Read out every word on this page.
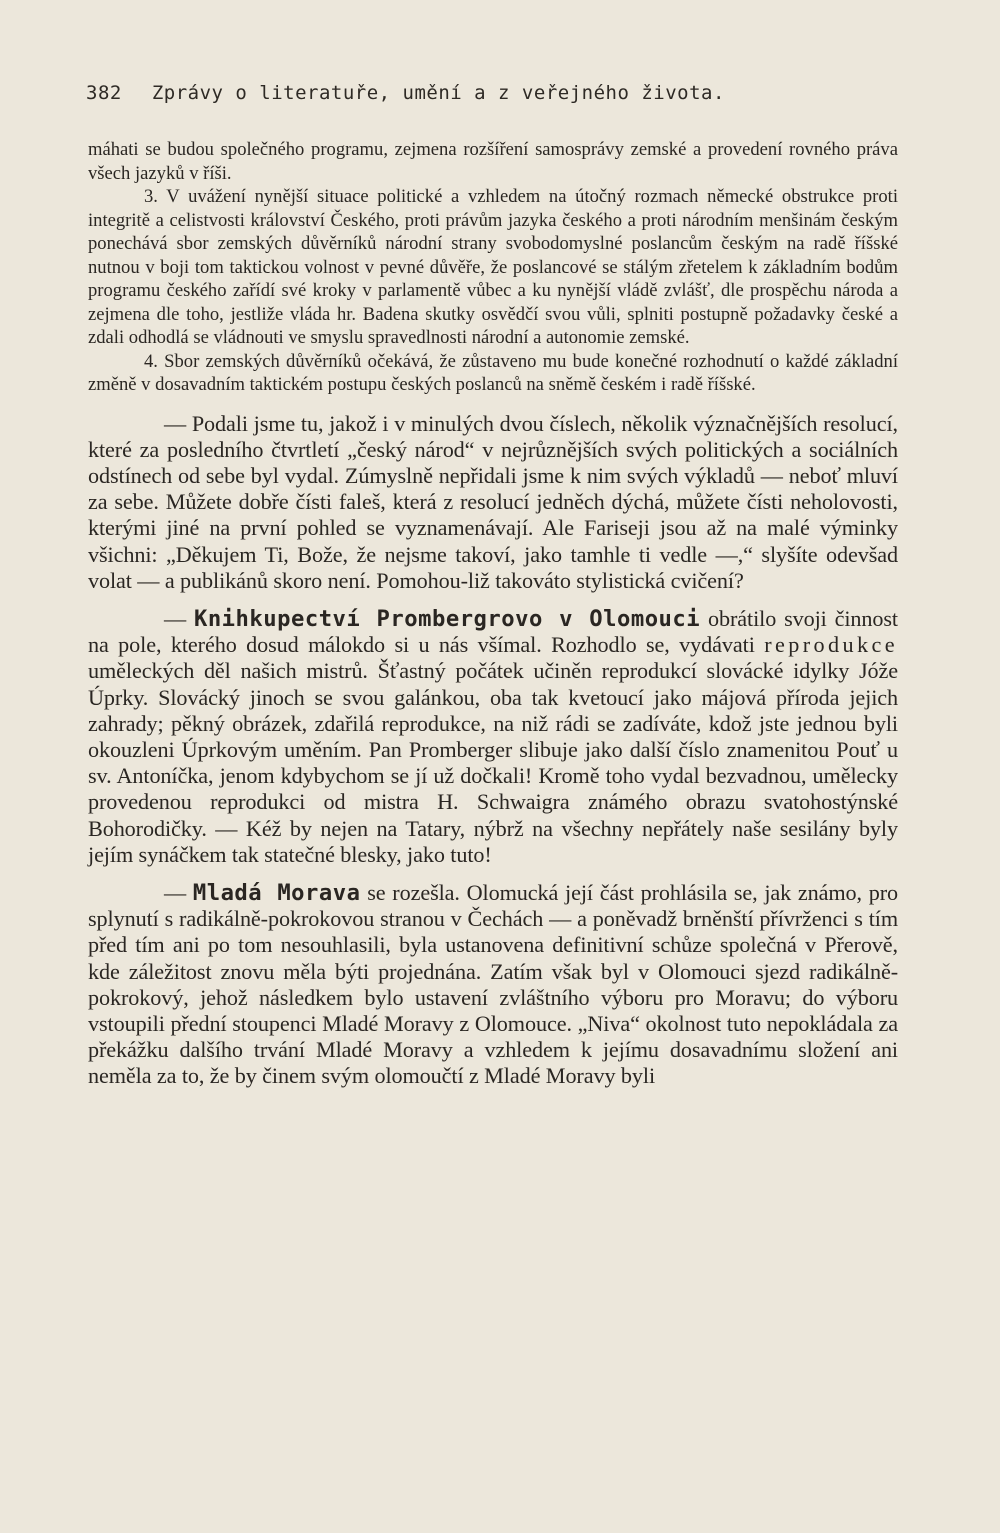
382 Zprávy o literatuře, umění a z veřejného života.

máhati se budou společného programu, zejmena rozšíření samosprávy zemské a provedení rovného práva všech jazyků v říši.

3. V uvážení nynější situace politické a vzhledem na útočný rozmach německé obstrukce proti integritě a celistvosti království Českého, proti právům jazyka českého a proti národním menšinám českým ponechává sbor zemských důvěrníků národní strany svobodomyslné poslancům českým na radě říšské nutnou v boji tom taktickou volnost v pevné důvěře, že poslancové se stálým zřetelem k základním bodům programu českého zařídí své kroky v parlamentě vůbec a ku nynější vládě zvlášť, dle prospěchu národa a zejmena dle toho, jestliže vláda hr. Badena skutky osvědčí svou vůli, splniti postupně požadavky české a zdali odhodlá se vládnouti ve smyslu spravedlnosti národní a autonomie zemské.

4. Sbor zemských důvěrníků očekává, že zůstaveno mu bude konečné rozhodnutí o každé základní změně v dosavadním taktickém postupu českých poslanců na sněmě českém i radě říšské.

— Podali jsme tu, jakož i v minulých dvou číslech, několik význačnějších resolucí, které za posledního čtvrtletí „český národ“ v nejrůznějších svých politických a sociálních odstínech od sebe byl vydal. Zúmyslně nepřidali jsme k nim svých výkladů — neboť mluví za sebe. Můžete dobře čísti faleš, která z resolucí jedněch dýchá, můžete čísti neholovosti, kterými jiné na první pohled se vyznamenávají. Ale Fariseji jsou až na malé výminky všichni: „Děkujem Ti, Bože, že nejsme takoví, jako tamhle ti vedle —,“ slyšíte odevšad volat — a publikánů skoro není. Pomohou-liž takováto stylistická cvičení?

— Knihkupectví Prombergrovo v Olomouci obrátilo svoji činnost na pole, kterého dosud málokdo si u nás všímal. Rozhodlo se, vydávati reprodukce uměleckých děl našich mistrů. Šťastný počátek učiněn reprodukcí slovácké idylky Jóže Úprky. Slovácký jinoch se svou galánkou, oba tak kvetoucí jako májová příroda jejich zahrady; pěkný obrázek, zdařilá reprodukce, na niž rádi se zadíváte, kdož jste jednou byli okouzleni Úprkovým uměním. Pan Promberger slibuje jako další číslo znamenitou Pouť u sv. Antoníčka, jenom kdybychom se jí už dočkali! Kromě toho vydal bezvadnou, umělecky provedenou reprodukci od mistra H. Schwaigra známého obrazu svatohostýnské Bohorodičky. — Kéž by nejen na Tatary, nýbrž na všechny nepřátely naše sesilány byly jejím synáčkem tak statečné blesky, jako tuto!

— Mladá Morava se rozešla. Olomucká její část prohlásila se, jak známo, pro splynutí s radikálně-pokrokovou stranou v Čechách — a poněvadž brněnští přívrženci s tím před tím ani po tom nesouhlasili, byla ustanovena definitivní schůze společná v Přerově, kde záležitost znovu měla býti projednána. Zatím však byl v Olomouci sjezd radikálně-pokrokový, jehož následkem bylo ustavení zvláštního výboru pro Moravu; do výboru vstoupili přední stoupenci Mladé Moravy z Olomouce. „Niva“ okolnost tuto nepokládala za překážku dalšího trvání Mladé Moravy a vzhledem k jejímu dosavadnímu složení ani neměla za to, že by činem svým olomoučtí z Mladé Moravy byli
